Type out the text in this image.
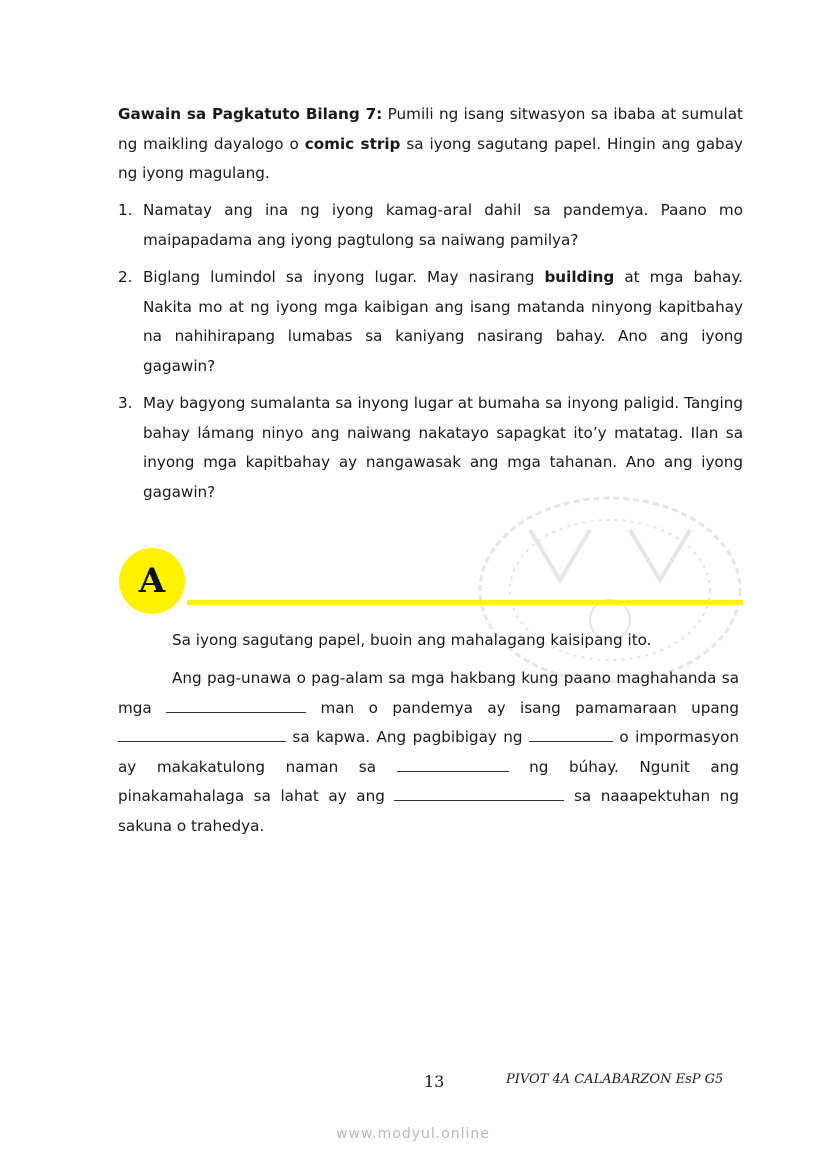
Gawain sa Pagkatuto Bilang 7: Pumili ng isang sitwasyon sa ibaba at sumulat ng maikling dayalogo o comic strip sa iyong sagutang papel. Hingin ang gabay ng iyong magulang.

1. Namatay ang ina ng iyong kamag-aral dahil sa pandemya. Paano mo maipapadama ang iyong pagtulong sa naiwang pamilya?
2. Biglang lumindol sa inyong lugar. May nasirang building at mga bahay. Nakita mo at ng iyong mga kaibigan ang isang matanda ninyong kapitbahay na nahihirapang lumabas sa kaniyang nasirang bahay. Ano ang iyong gagawin?
3. May bagyong sumalanta sa inyong lugar at bumaha sa inyong paligid. Tanging bahay lámang ninyo ang naiwang nakatayo sapagkat ito’y matatag. Ilan sa inyong mga kapitbahay ay nangawasak ang mga tahanan. Ano ang iyong gagawin?
A
Sa iyong sagutang papel, buoin ang mahalagang kaisipang ito.

Ang pag-unawa o pag-alam sa mga hakbang kung paano maghahanda sa mga	man o pandemya ay isang pamamaraan upang  sa kapwa. Ang pagbibigay ng	o impormasyon ay makakatulong naman sa	ng búhay. Ngunit ang pinakamahalaga sa lahat ay ang	sa naaapektuhan ng sakuna o trahedya.

13	PIVOT 4A CALABARZON EsP G5
www.modyul.online
